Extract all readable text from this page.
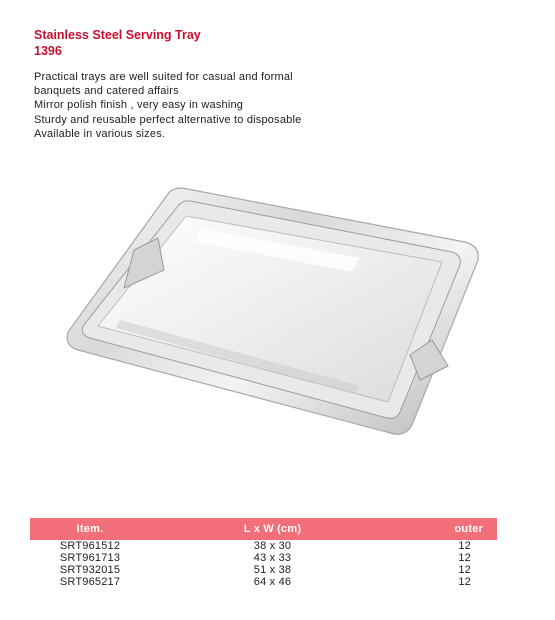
Stainless Steel Serving Tray
1396
Practical trays are well suited for casual and formal
banquets and catered affairs
Mirror polish finish , very easy in washing
Sturdy and reusable perfect alternative to disposable
Available in various sizes.
Item.	L x W (cm)	outer
SRT961512	38 x 30	12
SRT961713	43 x 33	12
SRT932015	51 x 38	12
SRT965217	64 x 46	12
